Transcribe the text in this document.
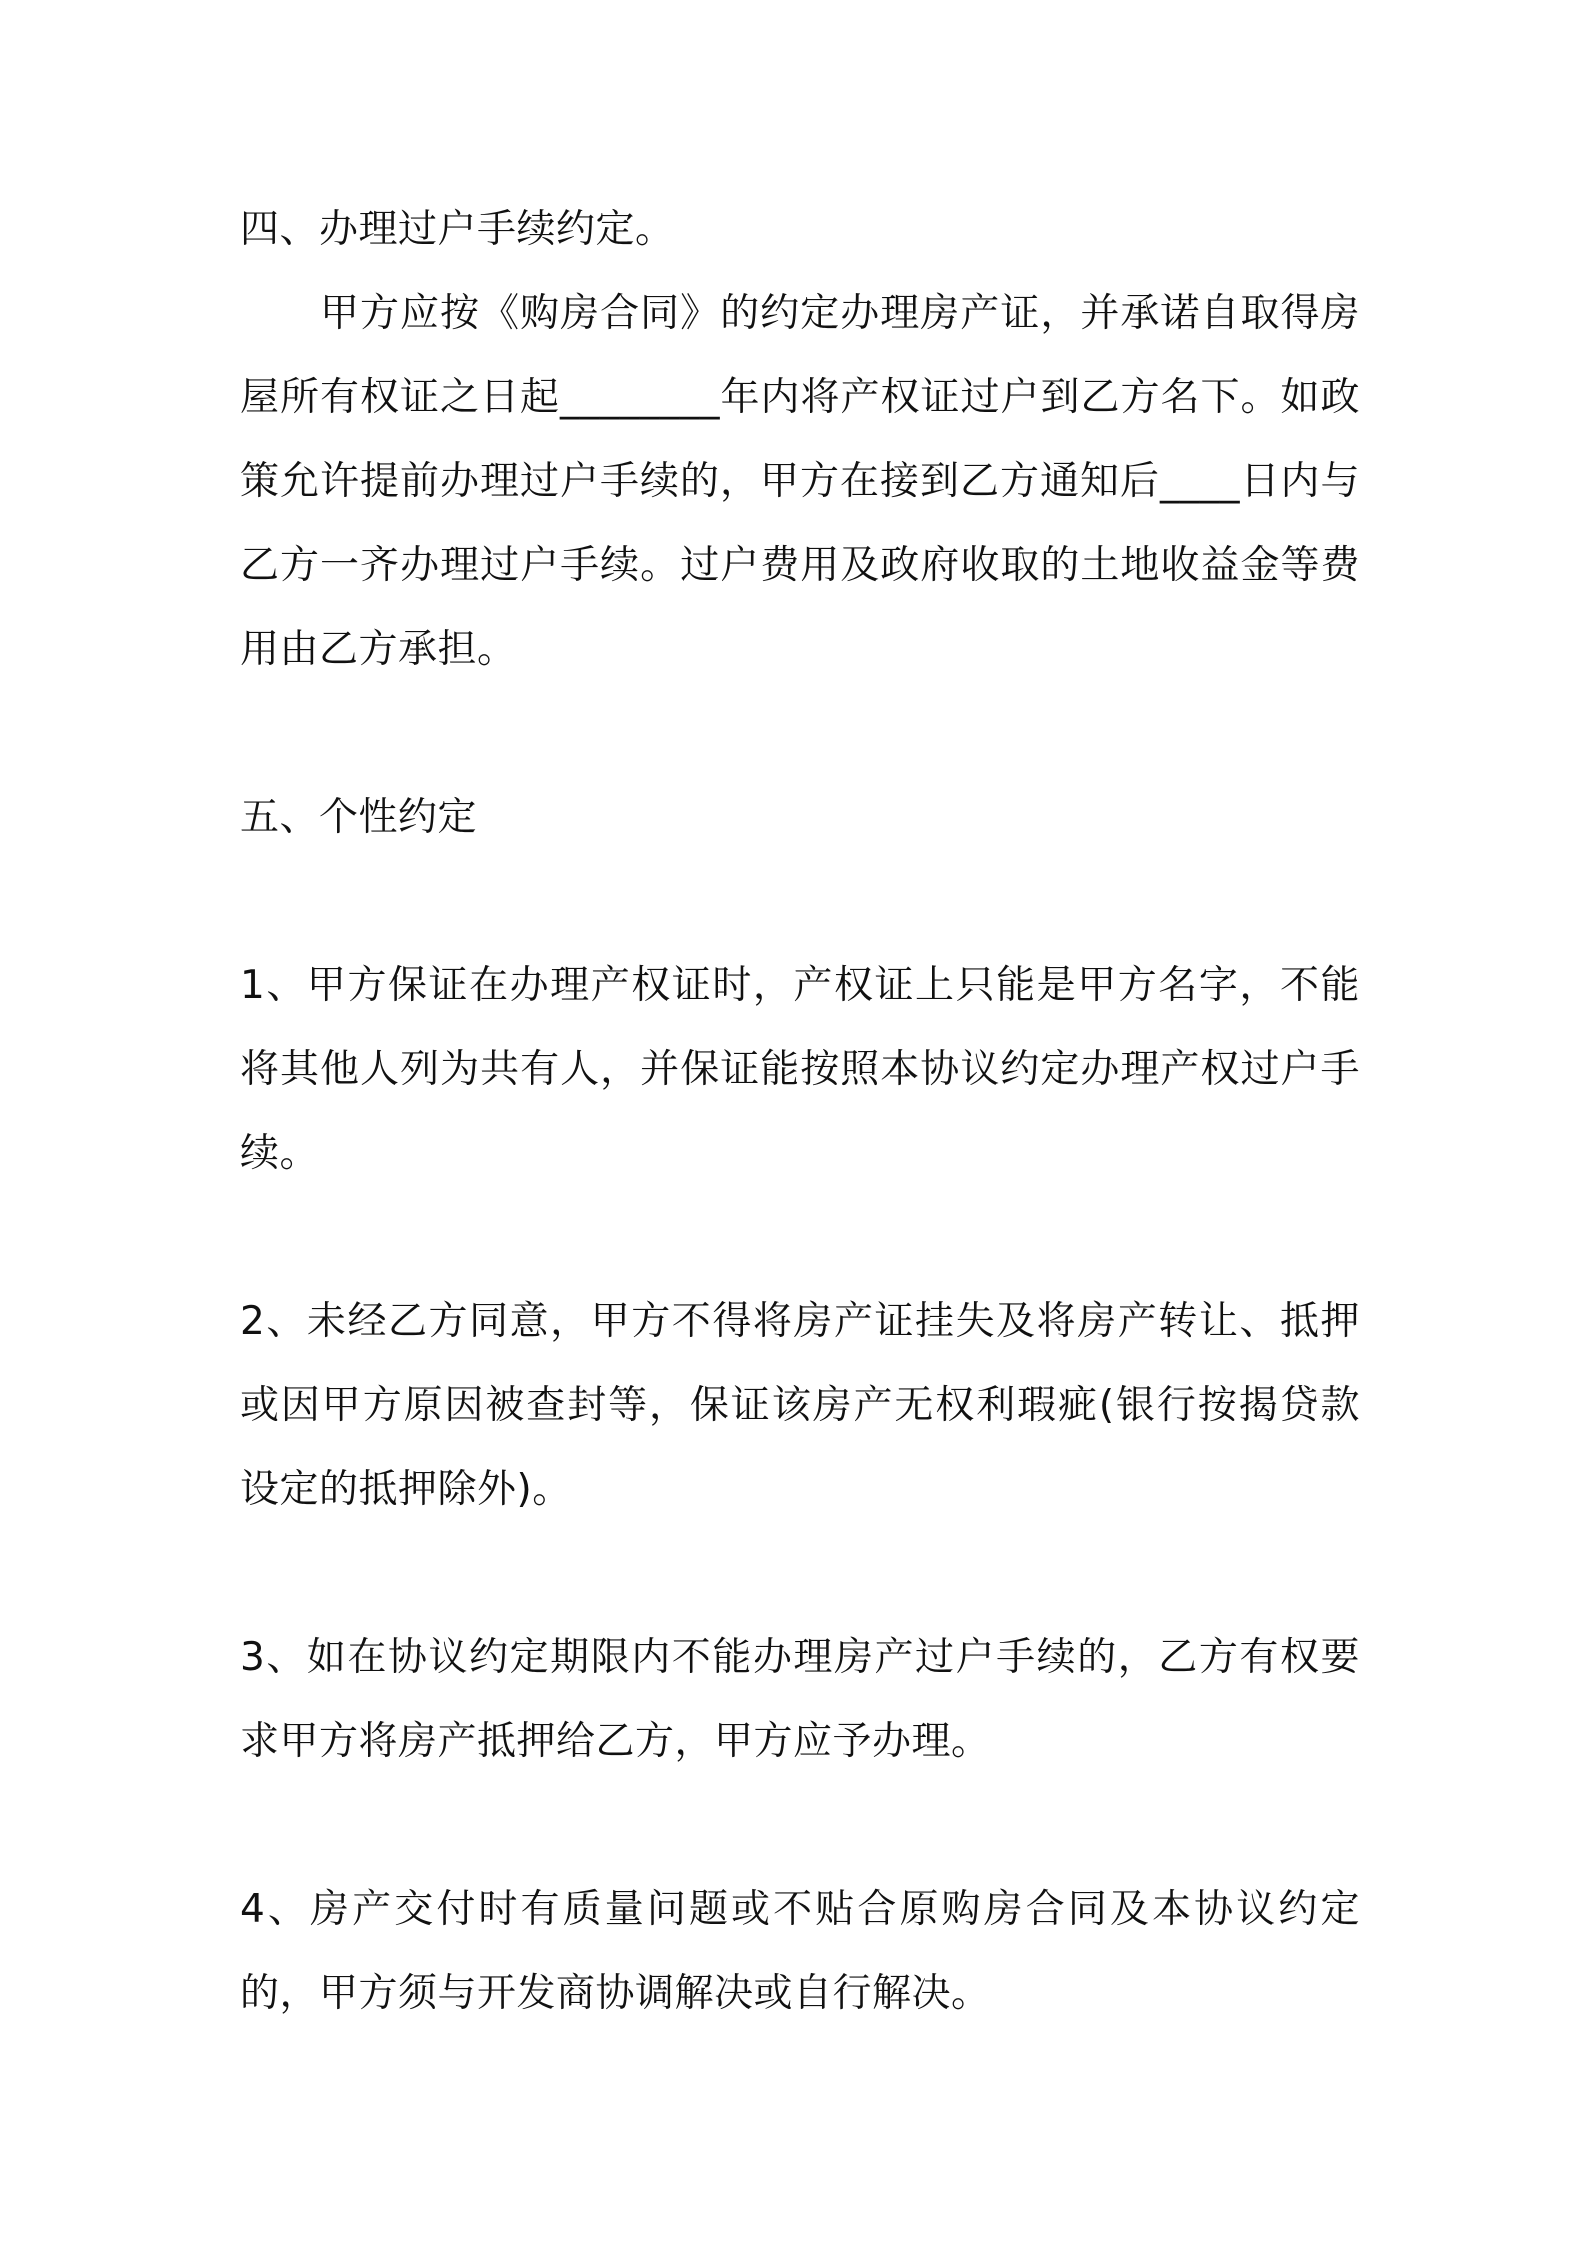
四、办理过户手续约定。

甲方应按《购房合同》的约定办理房产证，并承诺自取得房屋所有权证之日起________年内将产权证过户到乙方名下。如政策允许提前办理过户手续的，甲方在接到乙方通知后____日内与乙方一齐办理过户手续。过户费用及政府收取的土地收益金等费用由乙方承担。

五、个性约定

1、甲方保证在办理产权证时，产权证上只能是甲方名字，不能将其他人列为共有人，并保证能按照本协议约定办理产权过户手续。

2、未经乙方同意，甲方不得将房产证挂失及将房产转让、抵押或因甲方原因被查封等，保证该房产无权利瑕疵(银行按揭贷款设定的抵押除外)。

3、如在协议约定期限内不能办理房产过户手续的，乙方有权要求甲方将房产抵押给乙方，甲方应予办理。

4、房产交付时有质量问题或不贴合原购房合同及本协议约定的，甲方须与开发商协调解决或自行解决。
